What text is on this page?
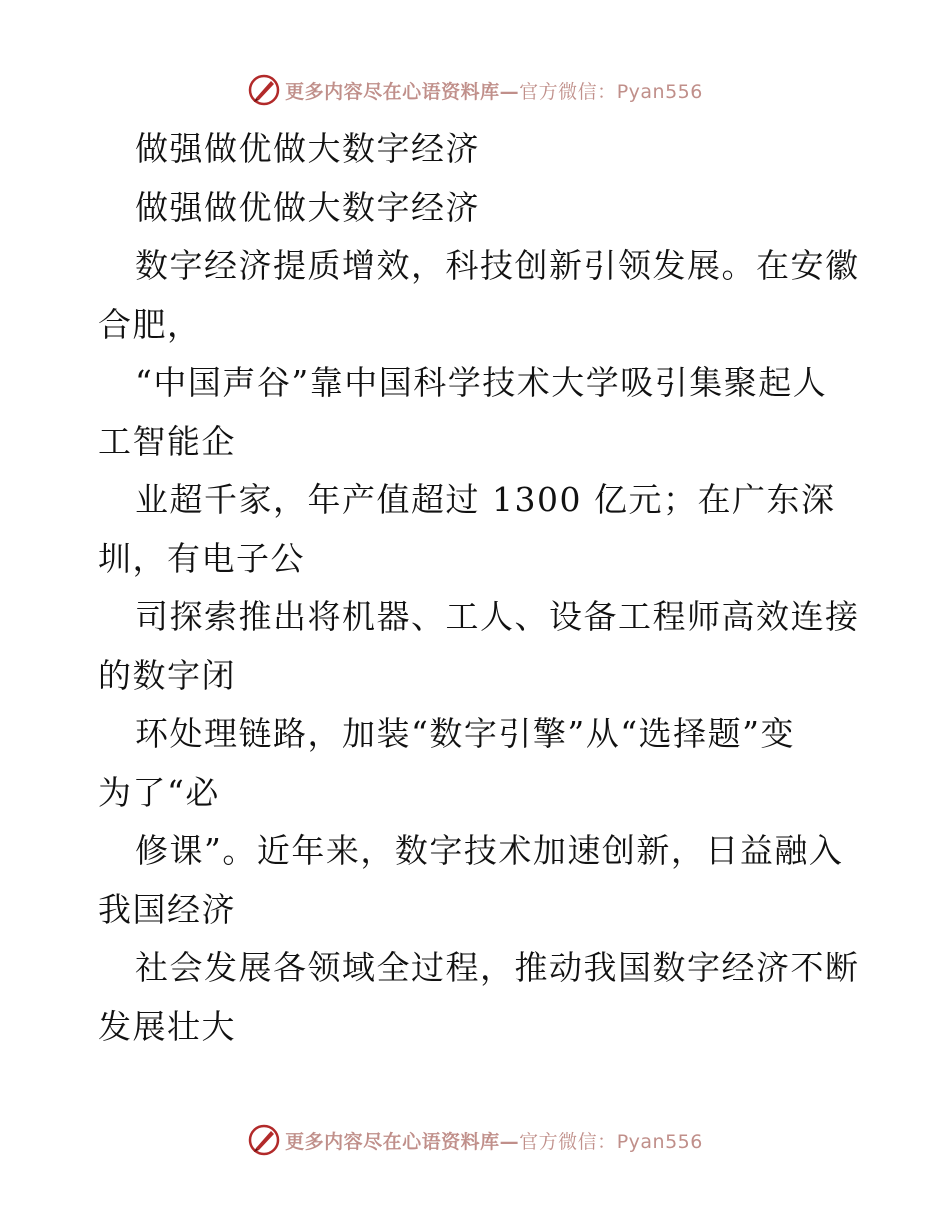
更多内容尽在心语资料库—官方微信：Pyan556
做强做优做大数字经济
做强做优做大数字经济
数字经济提质增效，科技创新引领发展。在安徽
合肥，
“中国声谷”靠中国科学技术大学吸引集聚起人
工智能企
业超千家，年产值超过 1300 亿元；在广东深
圳，有电子公
司探索推出将机器、工人、设备工程师高效连接
的数字闭
环处理链路，加装“数字引擎”从“选择题”变
为了“必
修课”。近年来，数字技术加速创新，日益融入
我国经济
社会发展各领域全过程，推动我国数字经济不断
发展壮大
更多内容尽在心语资料库—官方微信：Pyan556
